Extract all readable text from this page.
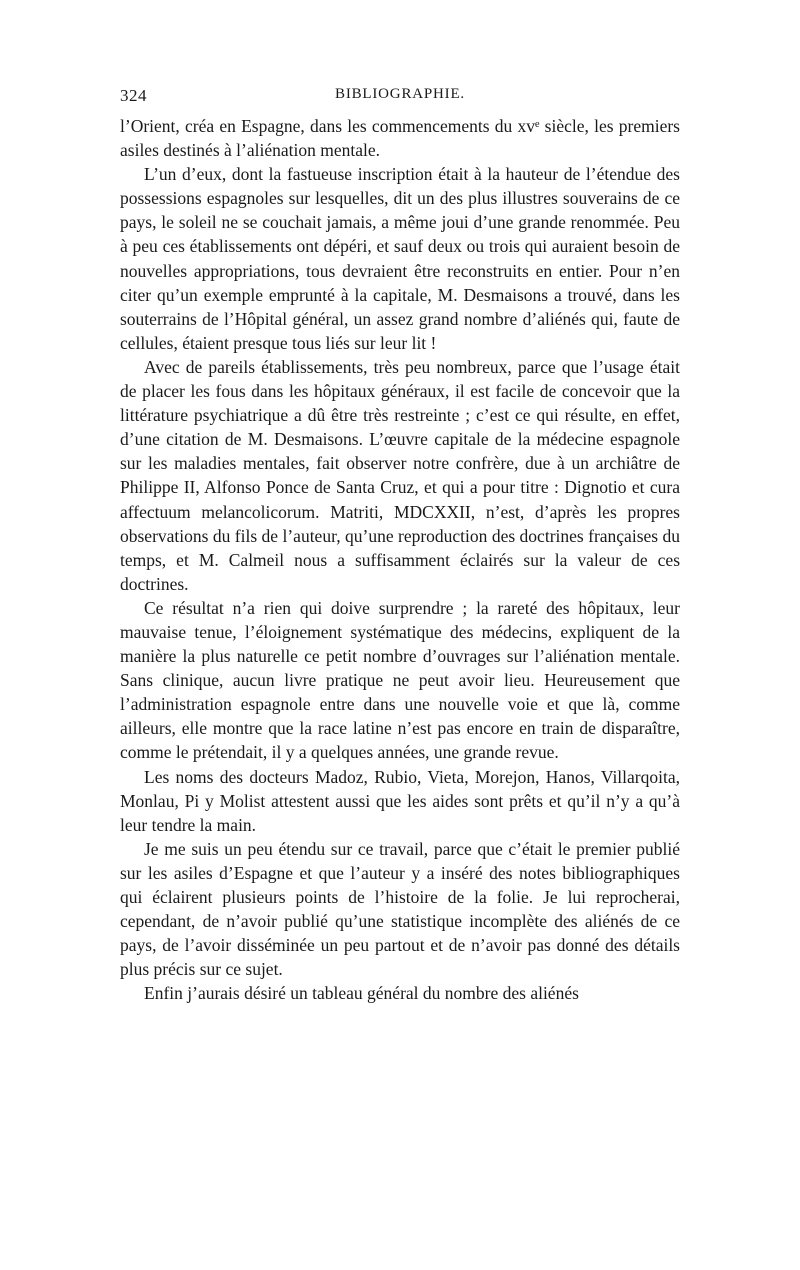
324	BIBLIOGRAPHIE.

l’Orient, créa en Espagne, dans les commencements du xvᵉ siècle, les premiers asiles destinés à l’aliénation mentale.

L’un d’eux, dont la fastueuse inscription était à la hauteur de l’étendue des possessions espagnoles sur lesquelles, dit un des plus illustres souverains de ce pays, le soleil ne se couchait jamais, a même joui d’une grande renommée. Peu à peu ces établissements ont dépéri, et sauf deux ou trois qui auraient besoin de nouvelles appropriations, tous devraient être reconstruits en entier. Pour n’en citer qu’un exemple emprunté à la capitale, M. Desmaisons a trouvé, dans les souterrains de l’Hôpital général, un assez grand nombre d’aliénés qui, faute de cellules, étaient presque tous liés sur leur lit !

Avec de pareils établissements, très peu nombreux, parce que l’usage était de placer les fous dans les hôpitaux généraux, il est facile de concevoir que la littérature psychiatrique a dû être très restreinte ; c’est ce qui résulte, en effet, d’une citation de M. Desmaisons. L’œuvre capitale de la médecine espagnole sur les maladies mentales, fait observer notre confrère, due à un archiâtre de Philippe II, Alfonso Ponce de Santa Cruz, et qui a pour titre : Dignotio et cura affectuum melancolicorum. Matriti, MDCXXII, n’est, d’après les propres observations du fils de l’auteur, qu’une reproduction des doctrines françaises du temps, et M. Calmeil nous a suffisamment éclairés sur la valeur de ces doctrines.

Ce résultat n’a rien qui doive surprendre ; la rareté des hôpitaux, leur mauvaise tenue, l’éloignement systématique des médecins, expliquent de la manière la plus naturelle ce petit nombre d’ouvrages sur l’aliénation mentale. Sans clinique, aucun livre pratique ne peut avoir lieu. Heureusement que l’administration espagnole entre dans une nouvelle voie et que là, comme ailleurs, elle montre que la race latine n’est pas encore en train de disparaître, comme le prétendait, il y a quelques années, une grande revue.

Les noms des docteurs Madoz, Rubio, Vieta, Morejon, Hanos, Villarqoita, Monlau, Pi y Molist attestent aussi que les aides sont prêts et qu’il n’y a qu’à leur tendre la main.

Je me suis un peu étendu sur ce travail, parce que c’était le premier publié sur les asiles d’Espagne et que l’auteur y a inséré des notes bibliographiques qui éclairent plusieurs points de l’histoire de la folie. Je lui reprocherai, cependant, de n’avoir publié qu’une statistique incomplète des aliénés de ce pays, de l’avoir disséminée un peu partout et de n’avoir pas donné des détails plus précis sur ce sujet.

Enfin j’aurais désiré un tableau général du nombre des aliénés
